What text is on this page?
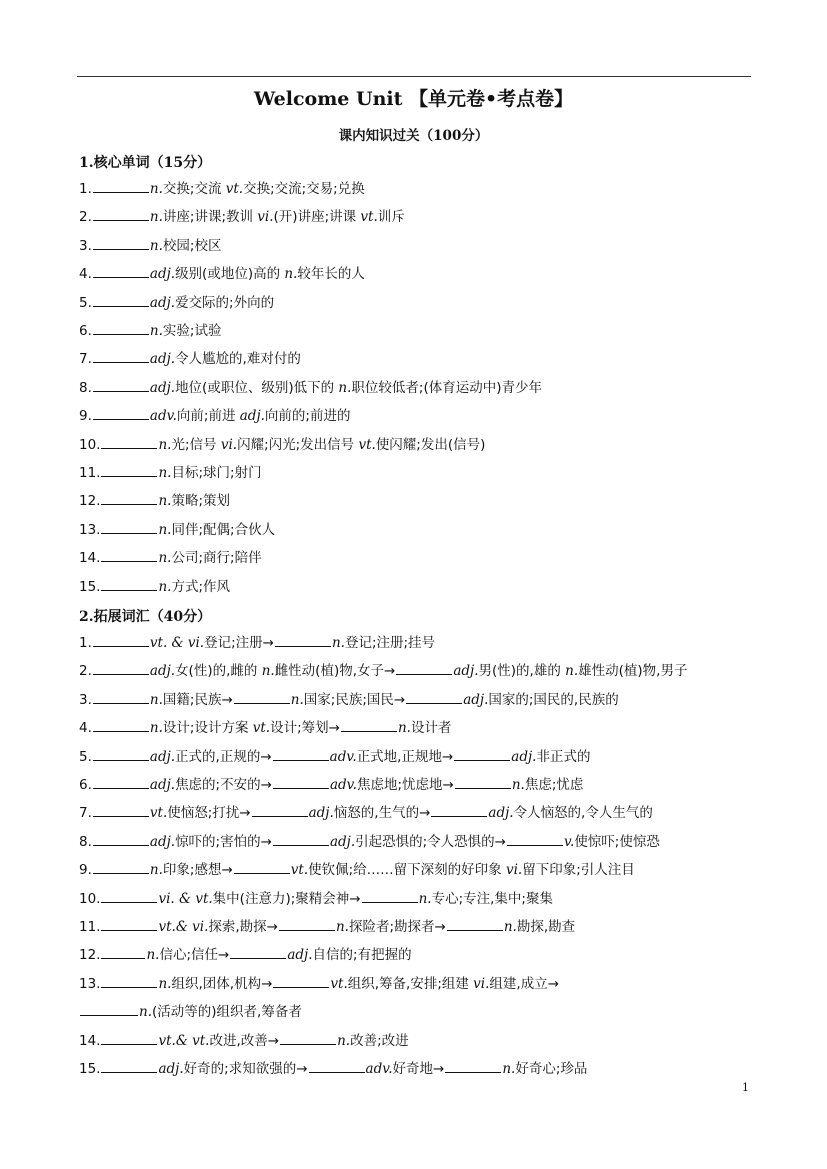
Welcome Unit 【单元卷•考点卷】
课内知识过关（100分）
1.核心单词（15分）
1.	n.交换;交流 vt.交换;交流;交易;兑换
2.	n.讲座;讲课;教训 vi.(开)讲座;讲课 vt.训斥
3.	n.校园;校区
4.	adj.级别(或地位)高的 n.较年长的人
5.	adj.爱交际的;外向的
6.	n.实验;试验
7.	adj.令人尴尬的,难对付的
8.	adj.地位(或职位、级别)低下的 n.职位较低者;(体育运动中)青少年
9.	adv.向前;前进 adj.向前的;前进的
10.	n.光;信号 vi.闪耀;闪光;发出信号 vt.使闪耀;发出(信号)
11.	n.目标;球门;射门
12.	n.策略;策划
13.	n.同伴;配偶;合伙人
14.	n.公司;商行;陪伴
15.	n.方式;作风
2.拓展词汇（40分）
1.	vt. & vi.登记;注册→	n.登记;注册;挂号
2.	adj.女(性)的,雌的 n.雌性动(植)物,女子→	adj.男(性)的,雄的 n.雄性动(植)物,男子
3.	n.国籍;民族→	n.国家;民族;国民→	adj.国家的;国民的,民族的
4.	n.设计;设计方案 vt.设计;筹划→	n.设计者
5.	adj.正式的,正规的→	adv.正式地,正规地→	adj.非正式的
6.	adj.焦虑的;不安的→	adv.焦虑地;忧虑地→	n.焦虑;忧虑
7.	vt.使恼怒;打扰→	adj.恼怒的,生气的→	adj.令人恼怒的,令人生气的
8.	adj.惊吓的;害怕的→	adj.引起恐惧的;令人恐惧的→	v.使惊吓;使惊恐
9.	n.印象;感想→	vt.使钦佩;给……留下深刻的好印象 vi.留下印象;引人注目
10.	vi. & vt.集中(注意力);聚精会神→	n.专心;专注,集中;聚集
11.	vt.& vi.探索,勘探→	n.探险者;勘探者→	n.勘探,勘查
12.	n.信心;信任→	adj.自信的;有把握的
13.	n.组织,团体,机构→	vt.组织,筹备,安排;组建 vi.组建,成立→
n.(活动等的)组织者,筹备者
14.	vt.& vt.改进,改善→	n.改善;改进
15.	adj.好奇的;求知欲强的→	adv.好奇地→	n.好奇心;珍品
1
